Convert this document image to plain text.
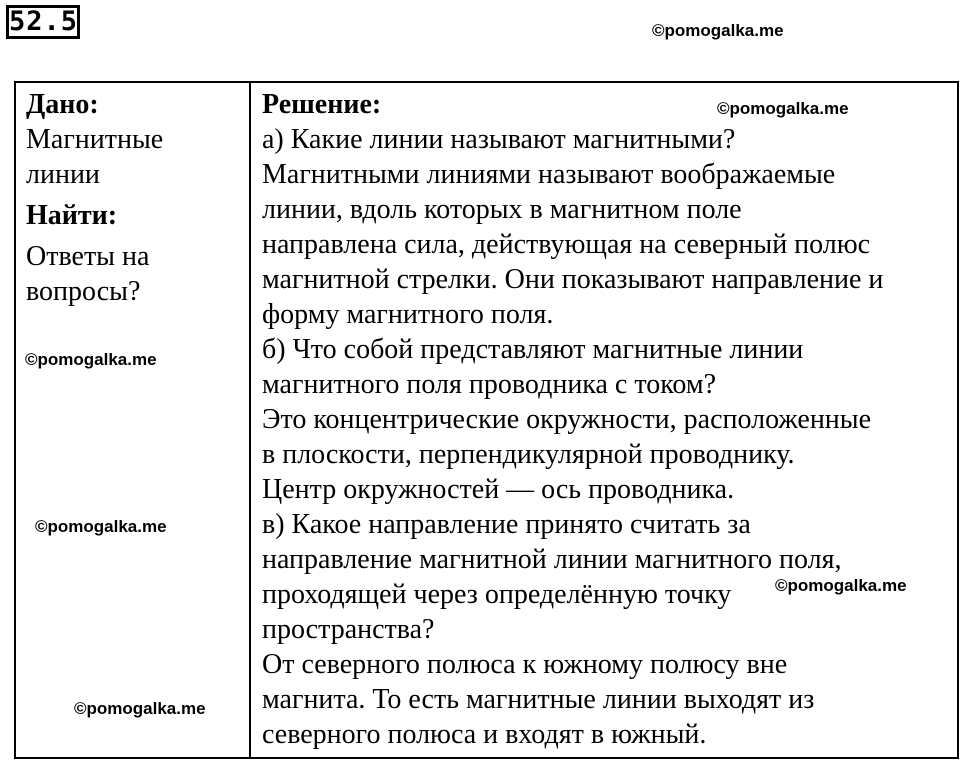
52.5	©pomogalka.me
Дано:
Магнитные
линии
Найти:
Ответы на
вопросы?
Решение:
а) Какие линии называют магнитными?
Магнитными линиями называют воображаемые
линии, вдоль которых в магнитном поле
направлена сила, действующая на северный полюс
магнитной стрелки. Они показывают направление и
форму магнитного поля.
б) Что собой представляют магнитные линии
магнитного поля проводника с током?
Это концентрические окружности, расположенные
в плоскости, перпендикулярной проводнику.
Центр окружностей — ось проводника.
в) Какое направление принято считать за
направление магнитной линии магнитного поля,
проходящей через определённую точку
пространства?
От северного полюса к южному полюсу вне
магнита. То есть магнитные линии выходят из
северного полюса и входят в южный.
©pomogalka.me
©pomogalka.me
©pomogalka.me
©pomogalka.me
©pomogalka.me
